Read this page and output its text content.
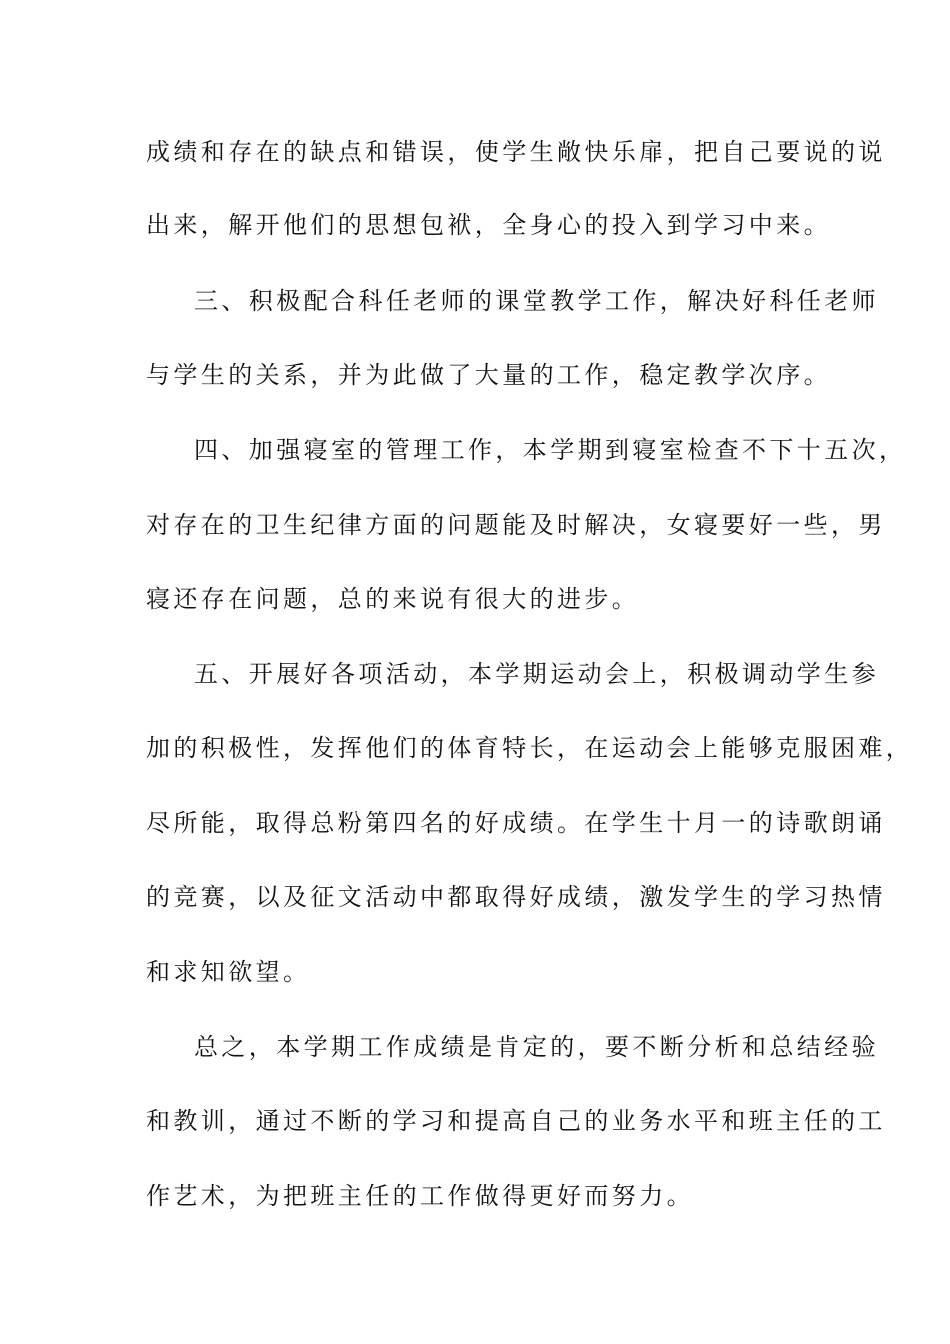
成绩和存在的缺点和错误，使学生敞快乐扉，把自己要说的说
出来，解开他们的思想包袱，全身心的投入到学习中来。
三、积极配合科任老师的课堂教学工作，解决好科任老师
与学生的关系，并为此做了大量的工作，稳定教学次序。
四、加强寝室的管理工作，本学期到寝室检查不下十五次，
对存在的卫生纪律方面的问题能及时解决，女寝要好一些，男
寝还存在问题，总的来说有很大的进步。
五、开展好各项活动，本学期运动会上，积极调动学生参
加的积极性，发挥他们的体育特长，在运动会上能够克服困难，
尽所能，取得总粉第四名的好成绩。在学生十月一的诗歌朗诵
的竞赛，以及征文活动中都取得好成绩，激发学生的学习热情
和求知欲望。
总之，本学期工作成绩是肯定的，要不断分析和总结经验
和教训，通过不断的学习和提高自己的业务水平和班主任的工
作艺术，为把班主任的工作做得更好而努力。
